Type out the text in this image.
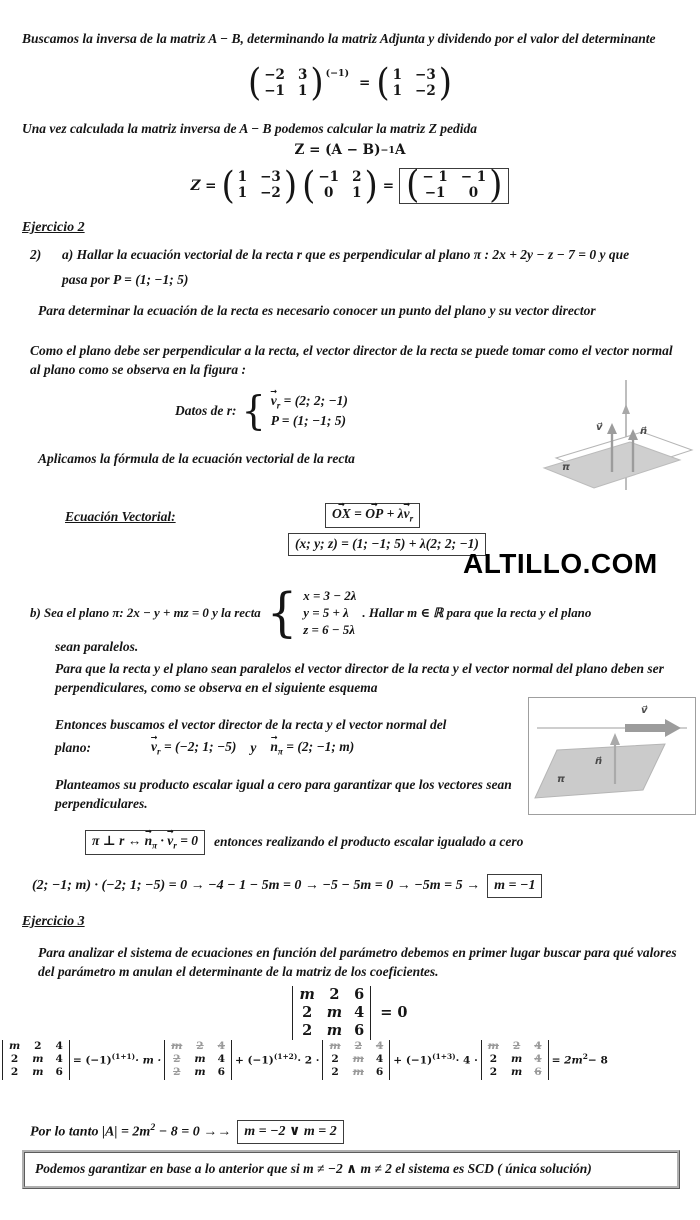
Buscamos la inversa de la matriz A − B, determinando la matriz Adjunta y dividendo por el valor del determinante

( −2 3
−1 1 )$^{(-1)}$
= ( 1 −3
1 −2 )

Una vez calculada la matriz inversa de A − B podemos calcular la matriz Z pedida

Z = (A − B) −1 A
Z = ( 1 −3
1 −2 ) ( −1 2
0	1 ) = ( − 1 − 1
−1	0 )
Ejercicio 2
2) a) Hallar la ecuación vectorial de la recta r que es perpendicular al plano π : 2x + 2y − z − 7 = 0 y que

pasa por P = (1; −1; 5)

Para determinar la ecuación de la recta es necesario conocer un punto del plano y su vector director

Como el plano debe ser perpendicular a la recta, el vector director de la recta se puede tomar como el vector normal al plano como se observa en la figura :

Datos de r: { $v \to_r = (2$; 2; −1)
P = (1; −1; 5)	v⃗	n⃗
π

Aplicamos la fórmula de la ecuación vectorial de la recta

Ecuación Vectorial:	OX → = OP → + $\lambda v \to_r$
(x; y; z) = (1; −1; 5) + λ(2; 2; −1)
ALTILLO.COM
b) Sea el plano π: 2x − y + mz = 0 y la recta { x = 3 − 2λ
y = 5 + λ
z = 6 − 5λ
. Hallar m ∈ ℝ para que la recta y el plano

sean paralelos.

Para que la recta y el plano sean paralelos el vector director de la recta y el vector normal del plano deben ser perpendiculares, como se observa en el siguiente esquema

Entonces buscamos el vector director de la recta y el vector normal del

plano:	$v \to_r = (-2$; 1; −5) y $n \to_\pi = (2$; −1; m)
v⃗
n⃗
π

Planteamos su producto escalar igual a cero para garantizar que los vectores sean perpendiculares.

π ⊥ r ↔ $n \to_\pi \cdot v \to_r = 0$	entonces realizando el producto escalar igualado a cero
(2; −1; m) · (−2; 1; −5) = 0 → −4 − 1 − 5m = 0 → −5 − 5m = 0 → −5m = 5 →	m = −1
Ejercicio 3

Para analizar el sistema de ecuaciones en función del parámetro debemos en primer lugar buscar para qué valores del parámetro m anulan el determinante de la matriz de los coeficientes.

m 2 6
2 m 4
2 m 6
= 0
m 2 4
2 m 4
2 m 6
= $(-1)^{(1+1)}\cdot m$ ·
m 2 4
2 m 4
2 m 6
+ $(-1)^{(1+2)}\cdot 2$ ·
m 2 4
2 m 4
2 m 6
+ $(-1)^{(1+3)}\cdot 4$ ·
m 2 4
2 m 4
2 m 6
= $2m^2- 8$
Por lo tanto $|A| = 2m^2 - 8 = 0 \to\to m = -2$ ∨ m = 2
Podemos garantizar en base a lo anterior que si m ≠ −2 ∧ m ≠ 2 el sistema es SCD ( única solución)
